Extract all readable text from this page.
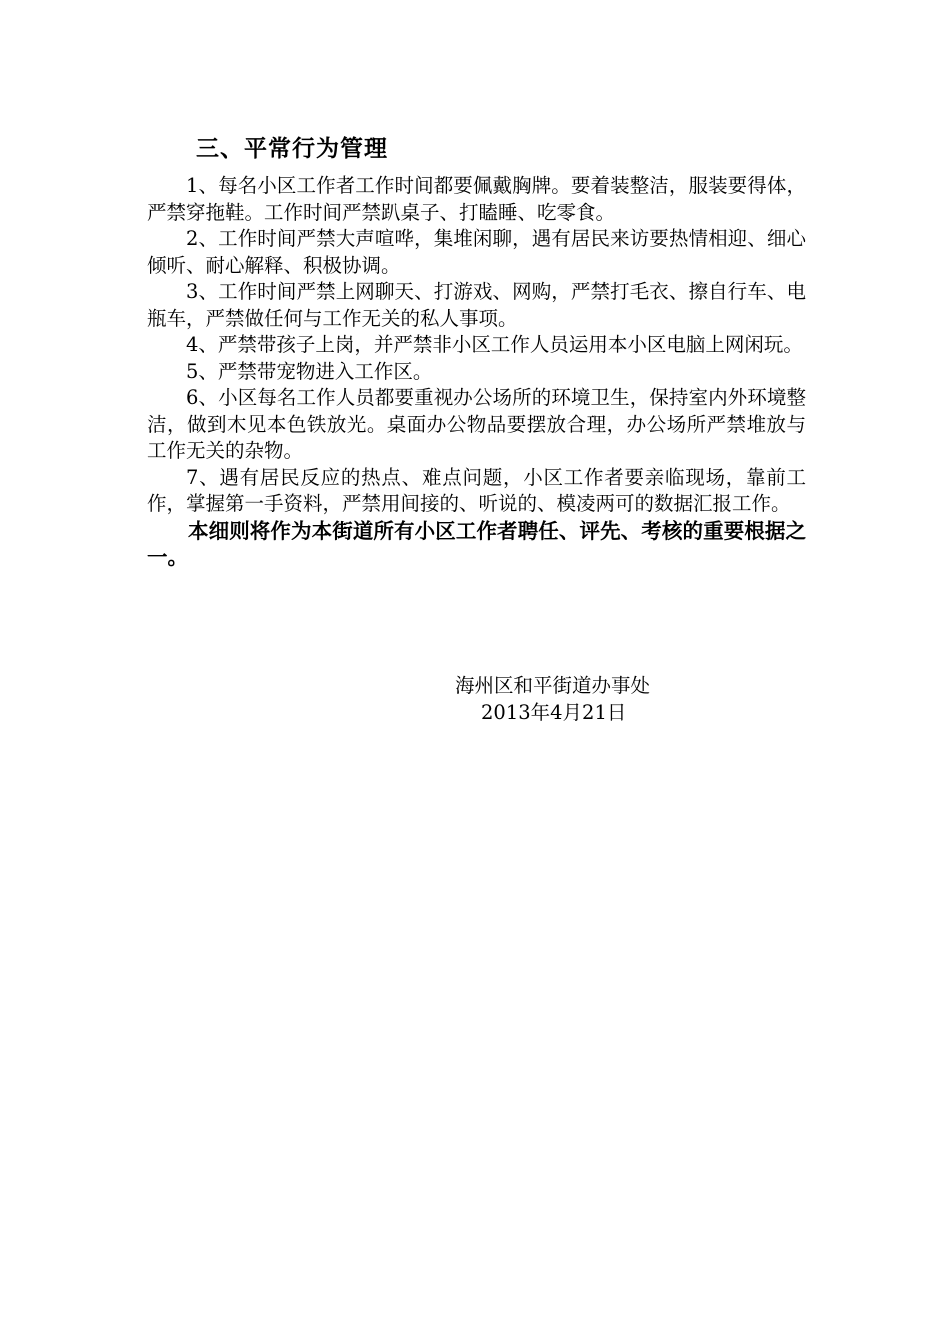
三、平常行为管理

1、每名小区工作者工作时间都要佩戴胸牌。要着装整洁，服装要得体，严禁穿拖鞋。工作时间严禁趴桌子、打瞌睡、吃零食。

2、工作时间严禁大声喧哗，集堆闲聊，遇有居民来访要热情相迎、细心倾听、耐心解释、积极协调。

3、工作时间严禁上网聊天、打游戏、网购，严禁打毛衣、擦自行车、电瓶车，严禁做任何与工作无关的私人事项。

4、严禁带孩子上岗，并严禁非小区工作人员运用本小区电脑上网闲玩。

5、严禁带宠物进入工作区。

6、小区每名工作人员都要重视办公场所的环境卫生，保持室内外环境整洁，做到木见本色铁放光。桌面办公物品要摆放合理，办公场所严禁堆放与工作无关的杂物。

7、遇有居民反应的热点、难点问题，小区工作者要亲临现场，靠前工作，掌握第一手资料，严禁用间接的、听说的、模凌两可的数据汇报工作。

本细则将作为本街道所有小区工作者聘任、评先、考核的重要根据之一。

海州区和平街道办事处

2013年4月21日
